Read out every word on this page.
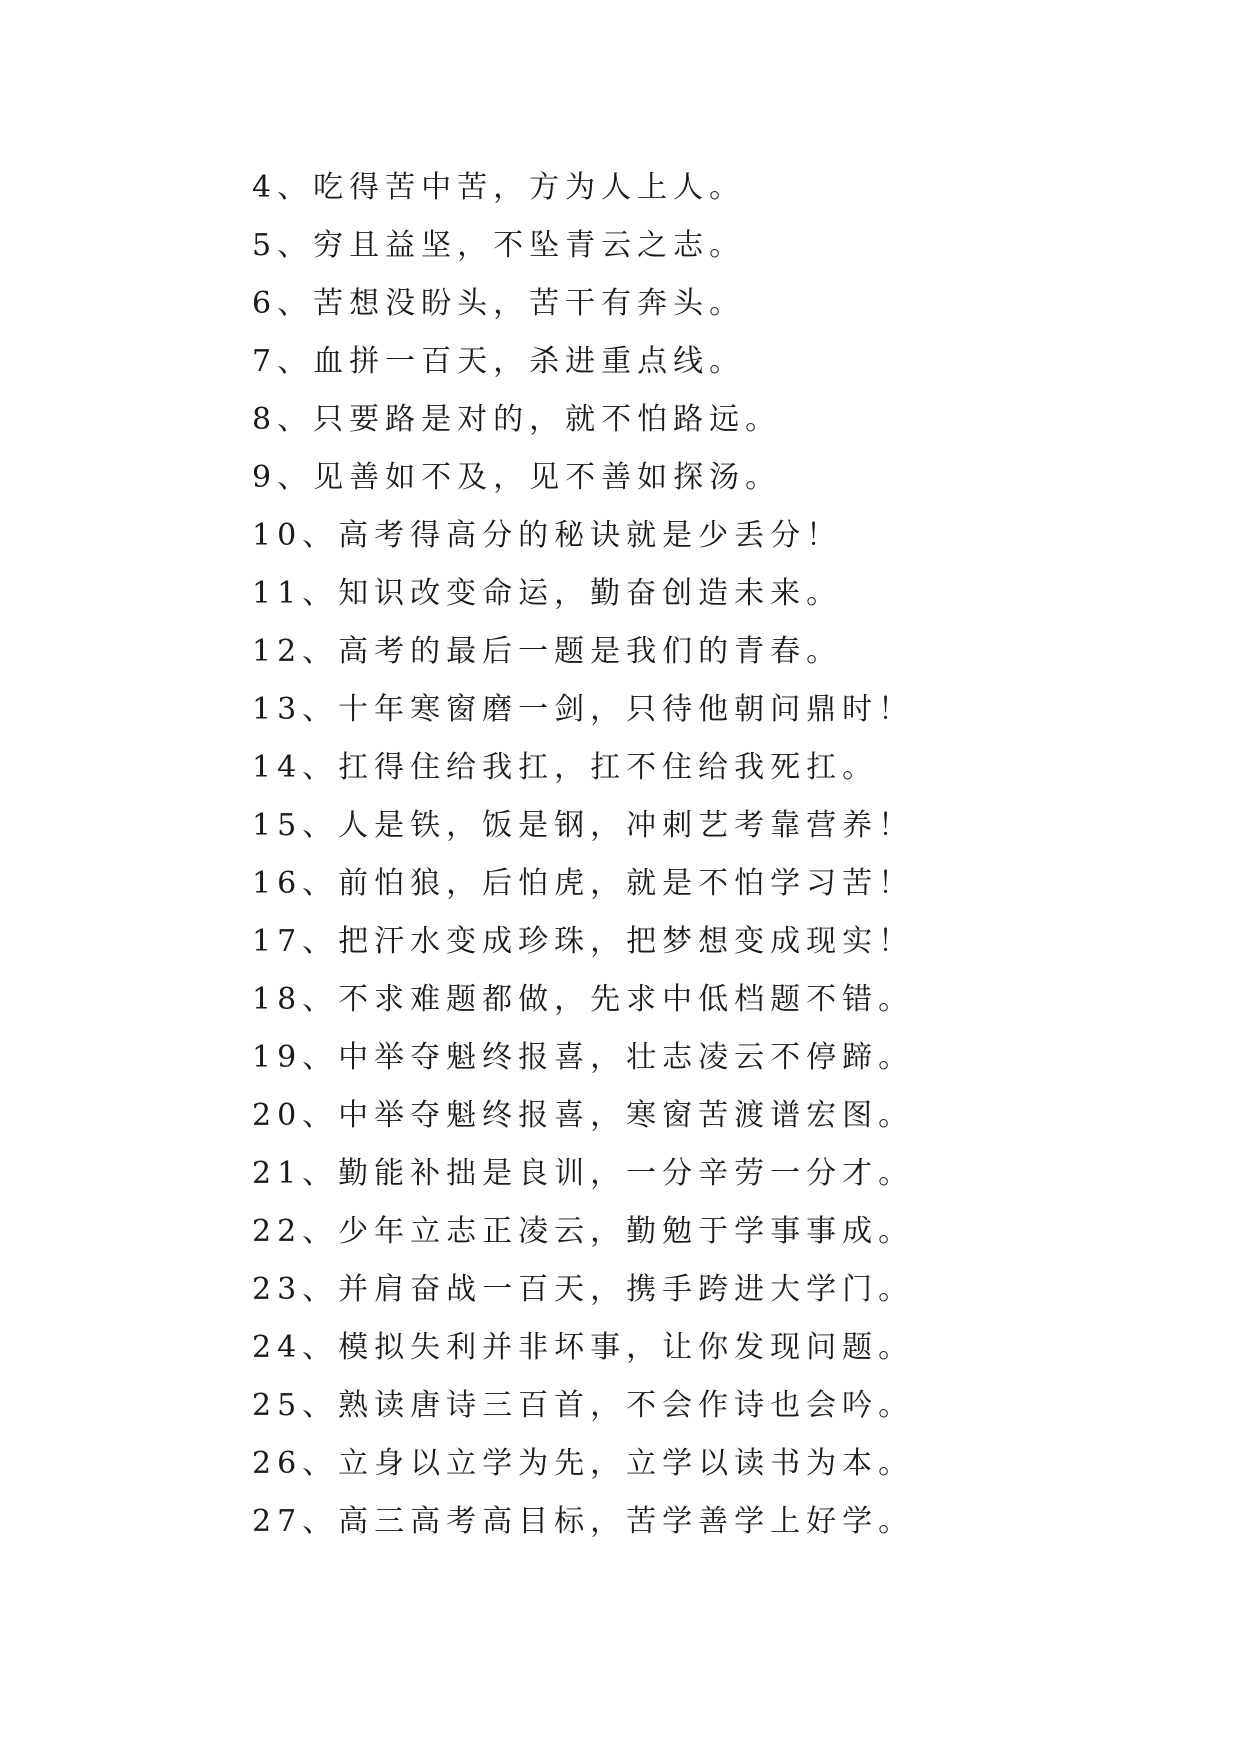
4、吃得苦中苦，方为人上人。
5、穷且益坚，不坠青云之志。
6、苦想没盼头，苦干有奔头。
7、血拼一百天，杀进重点线。
8、只要路是对的，就不怕路远。
9、见善如不及，见不善如探汤。
10、高考得高分的秘诀就是少丢分！
11、知识改变命运，勤奋创造未来。
12、高考的最后一题是我们的青春。
13、十年寒窗磨一剑，只待他朝问鼎时！
14、扛得住给我扛，扛不住给我死扛。
15、人是铁，饭是钢，冲刺艺考靠营养！
16、前怕狼，后怕虎，就是不怕学习苦！
17、把汗水变成珍珠，把梦想变成现实！
18、不求难题都做，先求中低档题不错。
19、中举夺魁终报喜，壮志凌云不停蹄。
20、中举夺魁终报喜，寒窗苦渡谱宏图。
21、勤能补拙是良训，一分辛劳一分才。
22、少年立志正凌云，勤勉于学事事成。
23、并肩奋战一百天，携手跨进大学门。
24、模拟失利并非坏事，让你发现问题。
25、熟读唐诗三百首，不会作诗也会吟。
26、立身以立学为先，立学以读书为本。
27、高三高考高目标，苦学善学上好学。
